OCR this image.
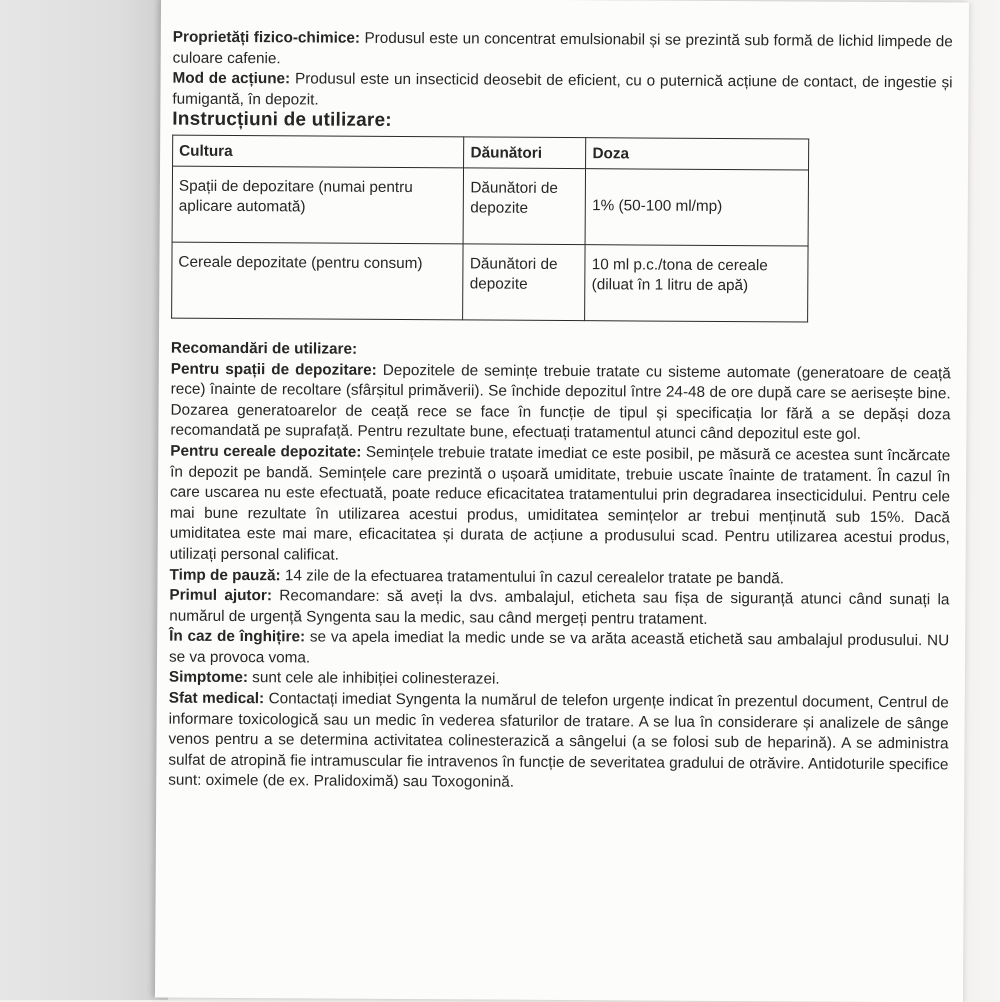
Proprietăți fizico-chimice: Produsul este un concentrat emulsionabil și se prezintă sub formă de lichid limpede de culoare cafenie.

Mod de acțiune: Produsul este un insecticid deosebit de eficient, cu o puternică acțiune de contact, de ingestie și fumigantă, în depozit.

Instrucțiuni de utilizare:
Cultura	Dăunători	Doza
Spații de depozitare (numai pentru aplicare automată)	Dăunători de depozite	1% (50-100 ml/mp)
Cereale depozitate (pentru consum)	Dăunători de depozite	10 ml p.c./tona de cereale (diluat în 1 litru de apă)
Recomandări de utilizare:

Pentru spații de depozitare: Depozitele de semințe trebuie tratate cu sisteme automate (generatoare de ceață rece) înainte de recoltare (sfârșitul primăverii). Se închide depozitul între 24-48 de ore după care se aerisește bine. Dozarea generatoarelor de ceață rece se face în funcție de tipul și specificația lor fără a se depăși doza recomandată pe suprafață. Pentru rezultate bune, efectuați tratamentul atunci când depozitul este gol.

Pentru cereale depozitate: Semințele trebuie tratate imediat ce este posibil, pe măsură ce acestea sunt încărcate în depozit pe bandă. Semințele care prezintă o ușoară umiditate, trebuie uscate înainte de tratament. În cazul în care uscarea nu este efectuată, poate reduce eficacitatea tratamentului prin degradarea insecticidului. Pentru cele mai bune rezultate în utilizarea acestui produs, umiditatea semințelor ar trebui menținută sub 15%. Dacă umiditatea este mai mare, eficacitatea și durata de acțiune a produsului scad. Pentru utilizarea acestui produs, utilizați personal calificat.

Timp de pauză: 14 zile de la efectuarea tratamentului în cazul cerealelor tratate pe bandă.

Primul ajutor: Recomandare: să aveți la dvs. ambalajul, eticheta sau fișa de siguranță atunci când sunați la numărul de urgență Syngenta sau la medic, sau când mergeți pentru tratament.

În caz de înghițire: se va apela imediat la medic unde se va arăta această etichetă sau ambalajul produsului. NU se va provoca voma.

Simptome: sunt cele ale inhibiției colinesterazei.

Sfat medical: Contactați imediat Syngenta la numărul de telefon urgențe indicat în prezentul document, Centrul de informare toxicologică sau un medic în vederea sfaturilor de tratare. A se lua în considerare și analizele de sânge venos pentru a se determina activitatea colinesterazică a sângelui (a se folosi sub de heparină). A se administra sulfat de atropină fie intramuscular fie intravenos în funcție de severitatea gradului de otrăvire. Antidoturile specifice sunt: oximele (de ex. Pralidoximă) sau Toxogonină.
